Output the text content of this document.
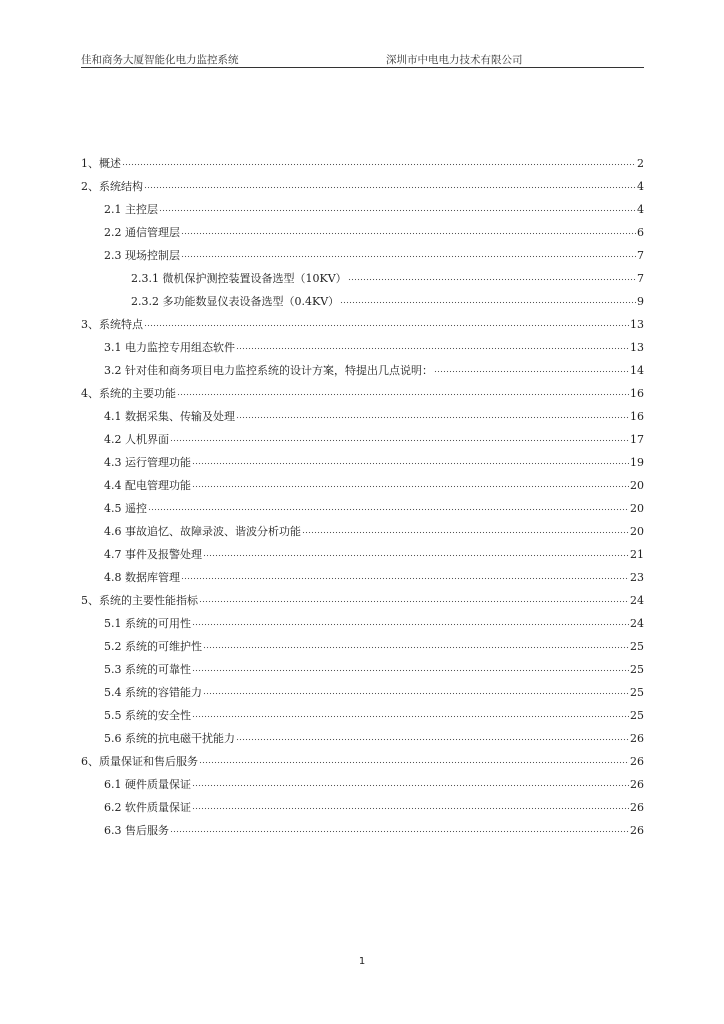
佳和商务大厦智能化电力监控系统	深圳市中电电力技术有限公司
1、概述	2
2、系统结构	4
2.1 主控层	4
2.2 通信管理层	6
2.3 现场控制层	7
2.3.1 微机保护测控装置设备选型（10KV）	7
2.3.2 多功能数显仪表设备选型（0.4KV）	9
3、系统特点	13
3.1 电力监控专用组态软件	13
3.2 针对佳和商务项目电力监控系统的设计方案，特提出几点说明：	14
4、系统的主要功能	16
4.1 数据采集、传输及处理	16
4.2 人机界面	17
4.3 运行管理功能	19
4.4 配电管理功能	20
4.5 遥控	20
4.6 事故追忆、故障录波、谐波分析功能	20
4.7 事件及报警处理	21
4.8 数据库管理	23
5、系统的主要性能指标	24
5.1 系统的可用性	24
5.2 系统的可维护性	25
5.3 系统的可靠性	25
5.4 系统的容错能力	25
5.5 系统的安全性	25
5.6 系统的抗电磁干扰能力	26
6、质量保证和售后服务	26
6.1 硬件质量保证	26
6.2 软件质量保证	26
6.3 售后服务	26
1
